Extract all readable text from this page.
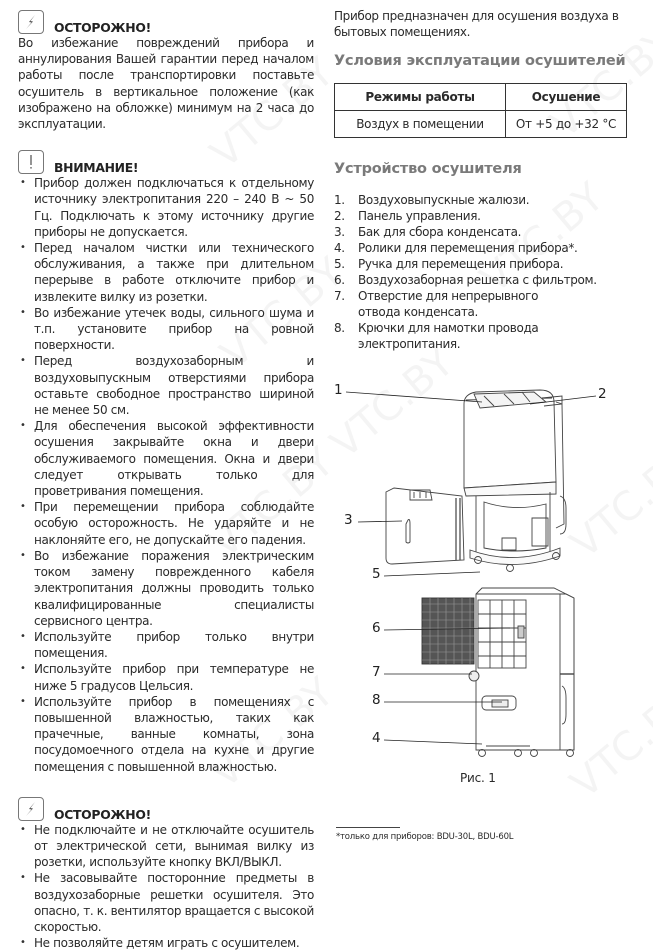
ОСТОРОЖНО!

Во избежание повреждений прибора и аннулирования Вашей гарантии перед началом работы после транспортировки поставьте осушитель в вертикальное положение (как изображено на обложке) минимум на 2 часа до эксплуатации.

ВНИМАНИЕ!
• Прибор должен подключаться к отдельному источнику электропитания 220 – 240 В ~ 50 Гц. Подключать к этому источнику другие приборы не допускается.
• Перед началом чистки или технического обслуживания, а также при длительном перерыве в работе отключите прибор и извлеките вилку из розетки.
• Во избежание утечек воды, сильного шума и т.п. установите прибор на ровной поверхности.
• Перед воздухозаборным и воздуховыпускным отверстиями прибора оставьте свободное пространство шириной не менее 50 см.
• Для обеспечения высокой эффективности осушения закрывайте окна и двери обслуживаемого помещения. Окна и двери следует открывать только для проветривания помещения.
• При перемещении прибора соблюдайте особую осторожность. Не ударяйте и не наклоняйте его, не допускайте его падения.
• Во избежание поражения электрическим током замену поврежденного кабеля электропитания должны проводить только квалифицированные специалисты сервисного центра.
• Используйте прибор только внутри помещения.
• Используйте прибор при температуре не ниже 5 градусов Цельсия.
• Используйте прибор в помещениях с повышенной влажностью, таких как прачечные, ванные комнаты, зона посудомоечного отдела на кухне и другие помещения с повышенной влажностью.
ОСТОРОЖНО!
• Не подключайте и не отключайте осушитель от электрической сети, вынимая вилку из розетки, используйте кнопку ВКЛ/ВЫКЛ.
• Не засовывайте посторонние предметы в воздухозаборные решетки осушителя. Это опасно, т. к. вентилятор вращается с высокой скоростью.
• Не позволяйте детям играть с осушителем.

Прибор предназначен для осушения воздуха в бытовых помещениях.

Условия эксплуатации осушителей
Режимы работы	Осушение
Воздух в помещении	От +5 до +32 °С
Устройство осушителя
1.	Воздуховыпускные жалюзи.
2.	Панель управления.
3.	Бак для сбора конденсата.
4.	Ролики для перемещения прибора*.
5.	Ручка для перемещения прибора.
6.	Воздухозаборная решетка с фильтром.
7.	Отверстие для непрерывного отвода конденсата.
8.	Крючки для намотки провода электропитания.
1	2
3
5
6
7
8
4
Рис. 1
*только для приборов: BDU-30L, BDU-60L
